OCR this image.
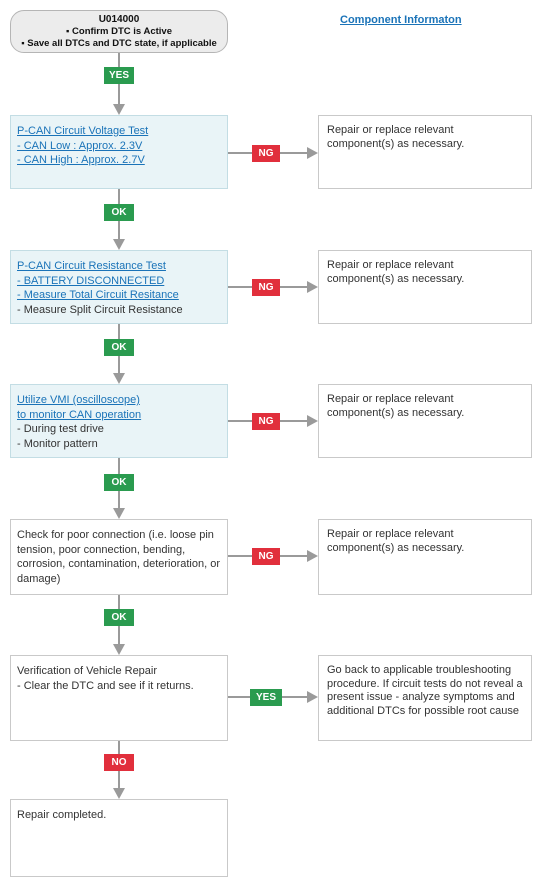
U014000
▪ Confirm DTC is Active
▪ Save all DTCs and DTC state, if applicable
Component Informaton
YES
P-CAN Circuit Voltage Test
- CAN Low : Approx. 2.3V
- CAN High : Approx. 2.7V
NG
Repair or replace relevant component(s) as necessary.
OK
P-CAN Circuit Resistance Test
- BATTERY DISCONNECTED
- Measure Total Circuit Resitance
- Measure Split Circuit Resistance
NG
Repair or replace relevant component(s) as necessary.
OK
Utilize VMI (oscilloscope)
to monitor CAN operation
- During test drive
- Monitor pattern
NG
Repair or replace relevant component(s) as necessary.
OK
Check for poor connection (i.e. loose pin tension, poor connection, bending, corrosion, contamination, deterioration, or damage)
NG
Repair or replace relevant component(s) as necessary.
OK
Verification of Vehicle Repair
- Clear the DTC and see if it returns.
YES
Go back to applicable troubleshooting procedure. If circuit tests do not reveal a present issue - analyze symptoms and additional DTCs for possible root cause
NO
Repair completed.
